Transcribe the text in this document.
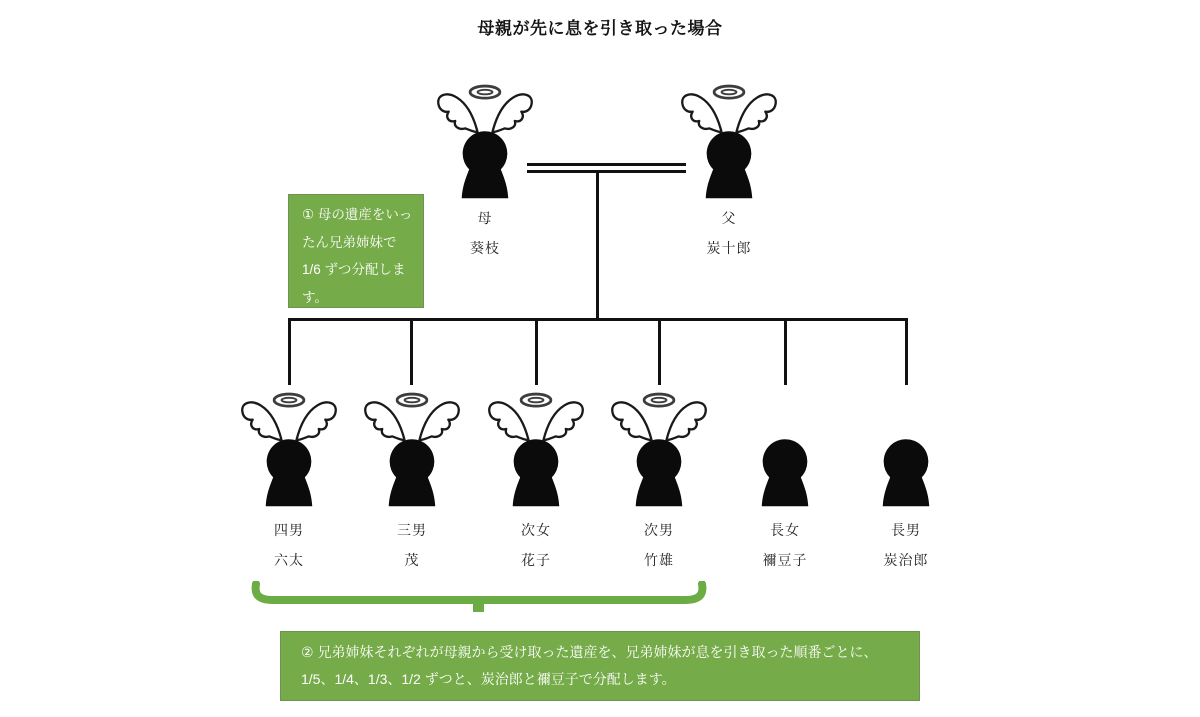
母親が先に息を引き取った場合
母
葵枝
父
炭十郎
四男
六太
三男
茂
次女
花子
次男
竹雄
長女
禰豆子
長男
炭治郎
① 母の遺産をいったん兄弟姉妹で 1/6 ずつ分配します。
② 兄弟姉妹それぞれが母親から受け取った遺産を、兄弟姉妹が息を引き取った順番ごとに、1/5、1/4、1/3、1/2 ずつと、炭治郎と禰豆子で分配します。
